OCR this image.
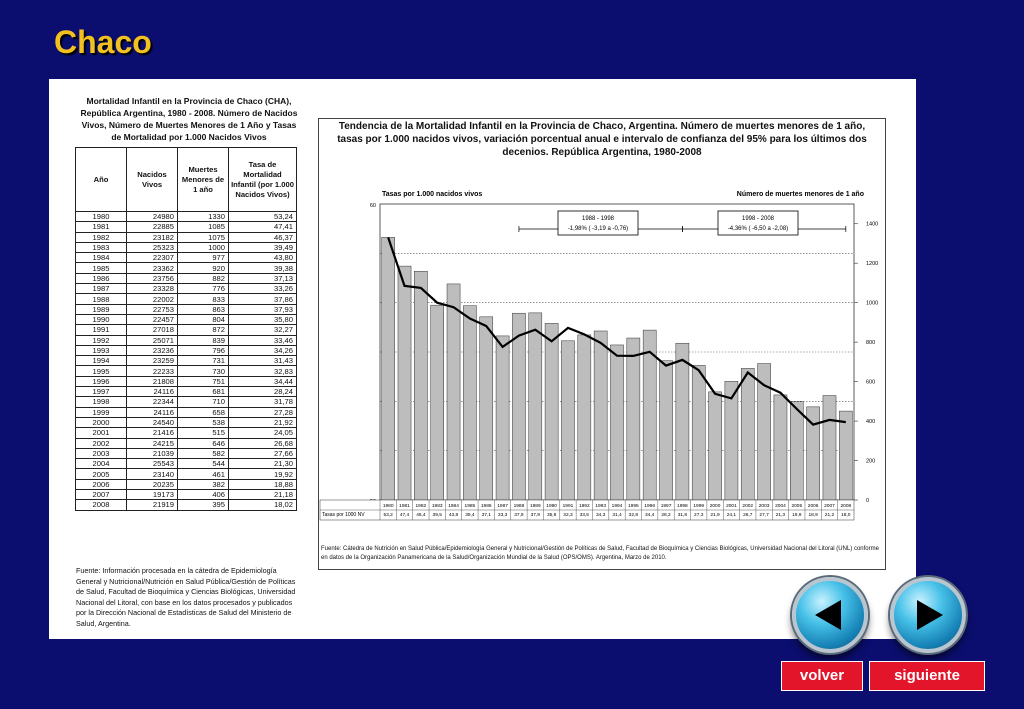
Chaco
Mortalidad Infantil en la Provincia de Chaco (CHA), República Argentina, 1980 - 2008. Número de Nacidos Vivos, Número de Muertes Menores de 1 Año y Tasas de Mortalidad por 1.000 Nacidos Vivos
Año	Nacidos Vivos	Muertes Menores de 1 año	Tasa de Mortalidad Infantil (por 1.000 Nacidos Vivos)
1980	24980	1330	53,24
1981	22885	1085	47,41
1982	23182	1075	46,37
1983	25323	1000	39,49
1984	22307	977	43,80
1985	23362	920	39,38
1986	23756	882	37,13
1987	23328	776	33,26
1988	22002	833	37,86
1989	22753	863	37,93
1990	22457	804	35,80
1991	27018	872	32,27
1992	25071	839	33,46
1993	23236	796	34,26
1994	23259	731	31,43
1995	22233	730	32,83
1996	21808	751	34,44
1997	24116	681	28,24
1998	22344	710	31,78
1999	24116	658	27,28
2000	24540	538	21,92
2001	21416	515	24,05
2002	24215	646	26,68
2003	21039	582	27,66
2004	25543	544	21,30
2005	23140	461	19,92
2006	20235	382	18,88
2007	19173	406	21,18
2008	21919	395	18,02
Fuente: Información procesada en la cátedra de Epidemiología General y Nutricional/Nutrición en Salud Pública/Gestión de Políticas de Salud, Facultad de Bioquímica y Ciencias Biológicas, Universidad Nacional del Litoral, con base en los datos procesados y publicados por la Dirección Nacional de Estadísticas de Salud del Ministerio de Salud, Argentina.
Tendencia de la Mortalidad Infantil en la Provincia de Chaco, Argentina. Número de muertes menores de 1 año, tasas por 1.000 nacidos vivos, variación porcentual anual e intervalo de confianza del 95% para los últimos dos decenios. República Argentina, 1980-2008
Tasas por 1.000 nacidos vivos	Número de muertes menores de 1 año
60
0
200
400
600
800
1000
1200
1400
1988 - 1998
-1,98% ( -3,19 a -0,76)
1998 - 2008
-4,36% ( -6,50 a -2,08)
Tasas por 1000 NV
1980
53,2
1981
47,4
1982
46,4
1983
39,5
1984
43,8
1985
39,4
1986
37,1
1987
33,3
1988
37,9
1989
37,9
1990
35,8
1991
32,3
1992
33,5
1993
34,3
1994
31,4
1995
32,8
1996
34,4
1997
28,2
1998
31,8
1999
27,3
2000
21,9
2001
24,1
2002
26,7
2003
27,7
2004
21,3
2005
19,9
2006
18,9
2007
21,2
2008
18,0
Fuente: Cátedra de Nutrición en Salud Pública/Epidemiología General y Nutricional/Gestión de Políticas de Salud, Facultad de Bioquímica y Ciencias Biológicas, Universidad Nacional del Litoral (UNL) conforme en datos de la Organización Panamericana de la Salud/Organización Mundial de la Salud (OPS/OMS). Argentina, Marzo de 2010.
volver	siguiente
